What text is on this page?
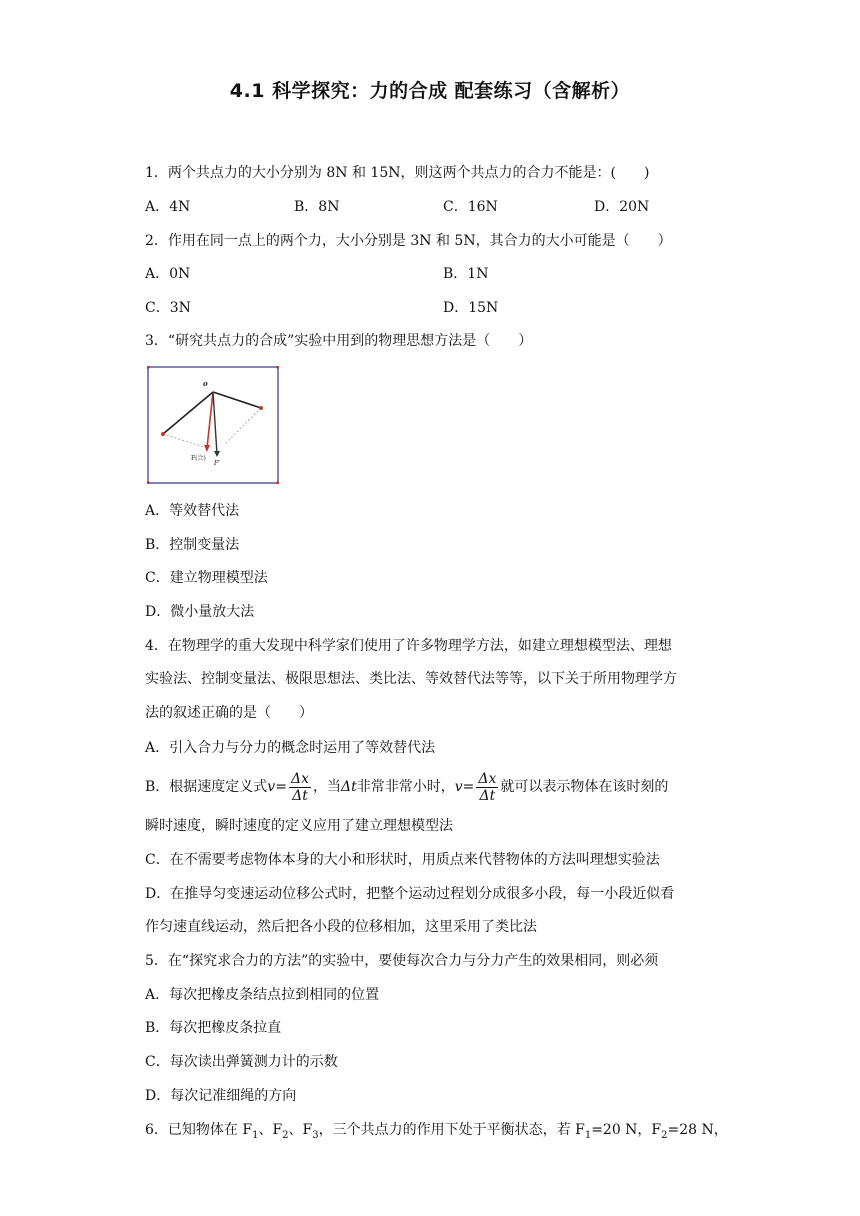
4.1 科学探究：力的合成 配套练习（含解析）
1．两个共点力的大小分别为 8N 和 15N，则这两个共点力的合力不能是：(　　)
A．4N	B．8N	C．16N	D．20N
2．作用在同一点上的两个力，大小分别是 3N 和 5N，其合力的大小可能是（　　）
A．0N	B．1N
C．3N	D．15N
3．“研究共点力的合成”实验中用到的物理思想方法是（　　）
o
F(合)
F'
A．等效替代法
B．控制变量法
C．建立物理模型法
D．微小量放大法
4．在物理学的重大发现中科学家们使用了许多物理学方法，如建立理想模型法、理想
实验法、控制变量法、极限思想法、类比法、等效替代法等等，以下关于所用物理学方
法的叙述正确的是（　　）
A．引入合力与分力的概念时运用了等效替代法
B．根据速度定义式$v= \frac{\Delta x}{\Delta t}$ ，当Δt非常非常小时，$v= \frac{\Delta x}{\Delta t}$ 就可以表示物体在该时刻的
瞬时速度，瞬时速度的定义应用了建立理想模型法
C．在不需要考虑物体本身的大小和形状时，用质点来代替物体的方法叫理想实验法
D．在推导匀变速运动位移公式时，把整个运动过程划分成很多小段，每一小段近似看
作匀速直线运动，然后把各小段的位移相加，这里采用了类比法
5．在“探究求合力的方法”的实验中，要使每次合力与分力产生的效果相同，则必须
A．每次把橡皮条结点拉到相同的位置
B．每次把橡皮条拉直
C．每次读出弹簧测力计的示数
D．每次记准细绳的方向
6．已知物体在 $F_1$、$F_2$、$F_3$，三个共点力的作用下处于平衡状态，若 $F_1=20$ N，$F_2=28$ N，
